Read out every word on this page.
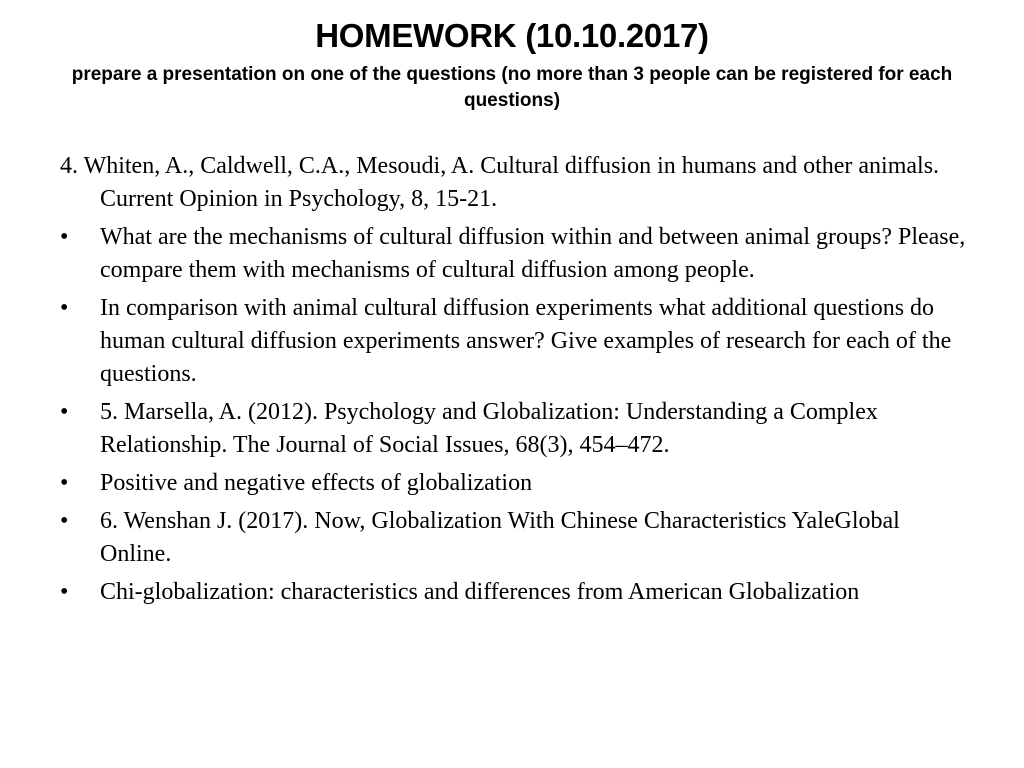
HOMEWORK (10.10.2017)

prepare a presentation on one of the questions (no more than 3 people can be registered for each questions)

4. Whiten, A., Caldwell, C.A., Mesoudi, A. Cultural diffusion in humans and other animals. Current Opinion in Psychology, 8, 15-21.
•	What are the mechanisms of cultural diffusion within and between animal groups? Please, compare them with mechanisms of cultural diffusion among people.
•	In comparison with animal cultural diffusion experiments what additional questions do human cultural diffusion experiments answer? Give examples of research for each of the questions.
•	5. Marsella, A. (2012). Psychology and Globalization: Understanding a Complex Relationship. The Journal of Social Issues, 68(3), 454–472.
•	Positive and negative effects of globalization
•	6. Wenshan J. (2017). Now, Globalization With Chinese Characteristics YaleGlobal Online.
•	Chi-globalization: characteristics and differences from American Globalization
